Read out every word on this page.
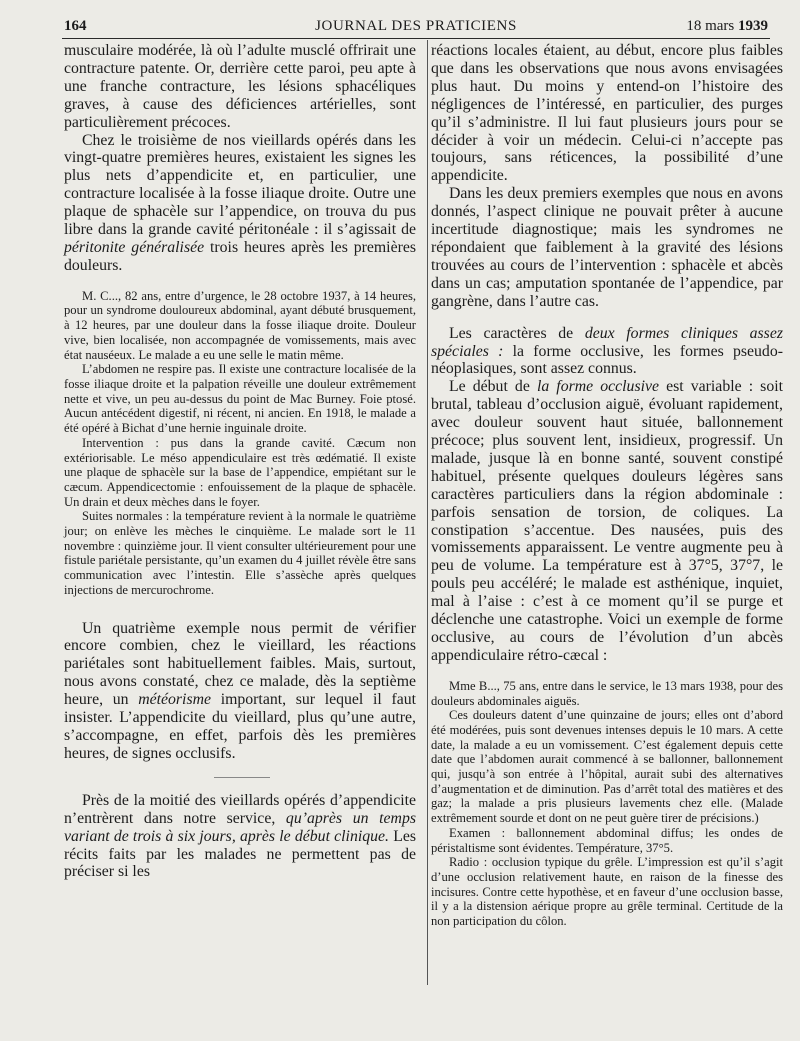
164	JOURNAL DES PRATICIENS	18 mars 1939

musculaire modérée, là où l’adulte musclé offrirait une contracture patente. Or, derrière cette paroi, peu apte à une franche contracture, les lésions sphacéliques graves, à cause des déficiences artérielles, sont particulièrement précoces.

Chez le troisième de nos vieillards opérés dans les vingt-quatre premières heures, existaient les signes les plus nets d’appendicite et, en particulier, une contracture localisée à la fosse iliaque droite. Outre une plaque de sphacèle sur l’appendice, on trouva du pus libre dans la grande cavité péritonéale : il s’agissait de péritonite généralisée trois heures après les premières douleurs.

M. C..., 82 ans, entre d’urgence, le 28 octobre 1937, à 14 heures, pour un syndrome douloureux abdominal, ayant débuté brusquement, à 12 heures, par une douleur dans la fosse iliaque droite. Douleur vive, bien localisée, non accompagnée de vomissements, mais avec état nauséeux. Le malade a eu une selle le matin même.

L’abdomen ne respire pas. Il existe une contracture localisée de la fosse iliaque droite et la palpation réveille une douleur extrêmement nette et vive, un peu au-dessus du point de Mac Burney. Foie ptosé. Aucun antécédent digestif, ni récent, ni ancien. En 1918, le malade a été opéré à Bichat d’une hernie inguinale droite.

Intervention : pus dans la grande cavité. Cæcum non extériorisable. Le méso appendiculaire est très œdématié. Il existe une plaque de sphacèle sur la base de l’appendice, empiétant sur le cæcum. Appendicectomie : enfouissement de la plaque de sphacèle. Un drain et deux mèches dans le foyer.

Suites normales : la température revient à la normale le quatrième jour; on enlève les mèches le cinquième. Le malade sort le 11 novembre : quinzième jour. Il vient consulter ultérieurement pour une fistule pariétale persistante, qu’un examen du 4 juillet révèle être sans communication avec l’intestin. Elle s’assèche après quelques injections de mercurochrome.

Un quatrième exemple nous permit de vérifier encore combien, chez le vieillard, les réactions pariétales sont habituellement faibles. Mais, surtout, nous avons constaté, chez ce malade, dès la septième heure, un météorisme important, sur lequel il faut insister. L’appendicite du vieillard, plus qu’une autre, s’accompagne, en effet, parfois dès les premières heures, de signes occlusifs.

Près de la moitié des vieillards opérés d’appendicite n’entrèrent dans notre service, qu’après un temps variant de trois à six jours, après le début clinique. Les récits faits par les malades ne permettent pas de préciser si les

réactions locales étaient, au début, encore plus faibles que dans les observations que nous avons envisagées plus haut. Du moins y entend-on l’histoire des négligences de l’intéressé, en particulier, des purges qu’il s’administre. Il lui faut plusieurs jours pour se décider à voir un médecin. Celui-ci n’accepte pas toujours, sans réticences, la possibilité d’une appendicite.

Dans les deux premiers exemples que nous en avons donnés, l’aspect clinique ne pouvait prêter à aucune incertitude diagnostique; mais les syndromes ne répondaient que faiblement à la gravité des lésions trouvées au cours de l’intervention : sphacèle et abcès dans un cas; amputation spontanée de l’appendice, par gangrène, dans l’autre cas.

Les caractères de deux formes cliniques assez spéciales : la forme occlusive, les formes pseudo-néoplasiques, sont assez connus.

Le début de la forme occlusive est variable : soit brutal, tableau d’occlusion aiguë, évoluant rapidement, avec douleur souvent haut située, ballonnement précoce; plus souvent lent, insidieux, progressif. Un malade, jusque là en bonne santé, souvent constipé habituel, présente quelques douleurs légères sans caractères particuliers dans la région abdominale : parfois sensation de torsion, de coliques. La constipation s’accentue. Des nausées, puis des vomissements apparaissent. Le ventre augmente peu à peu de volume. La température est à 37°5, 37°7, le pouls peu accéléré; le malade est asthénique, inquiet, mal à l’aise : c’est à ce moment qu’il se purge et déclenche une catastrophe. Voici un exemple de forme occlusive, au cours de l’évolution d’un abcès appendiculaire rétro-cæcal :

Mme B..., 75 ans, entre dans le service, le 13 mars 1938, pour des douleurs abdominales aiguës.

Ces douleurs datent d’une quinzaine de jours; elles ont d’abord été modérées, puis sont devenues intenses depuis le 10 mars. A cette date, la malade a eu un vomissement. C’est également depuis cette date que l’abdomen aurait commencé à se ballonner, ballonnement qui, jusqu’à son entrée à l’hôpital, aurait subi des alternatives d’augmentation et de diminution. Pas d’arrêt total des matières et des gaz; la malade a pris plusieurs lavements chez elle. (Malade extrêmement sourde et dont on ne peut guère tirer de précisions.)

Examen : ballonnement abdominal diffus; les ondes de péristaltisme sont évidentes. Température, 37°5.

Radio : occlusion typique du grêle. L’impression est qu’il s’agit d’une occlusion relativement haute, en raison de la finesse des incisures. Contre cette hypothèse, et en faveur d’une occlusion basse, il y a la distension aérique propre au grêle terminal. Certitude de la non participation du côlon.
